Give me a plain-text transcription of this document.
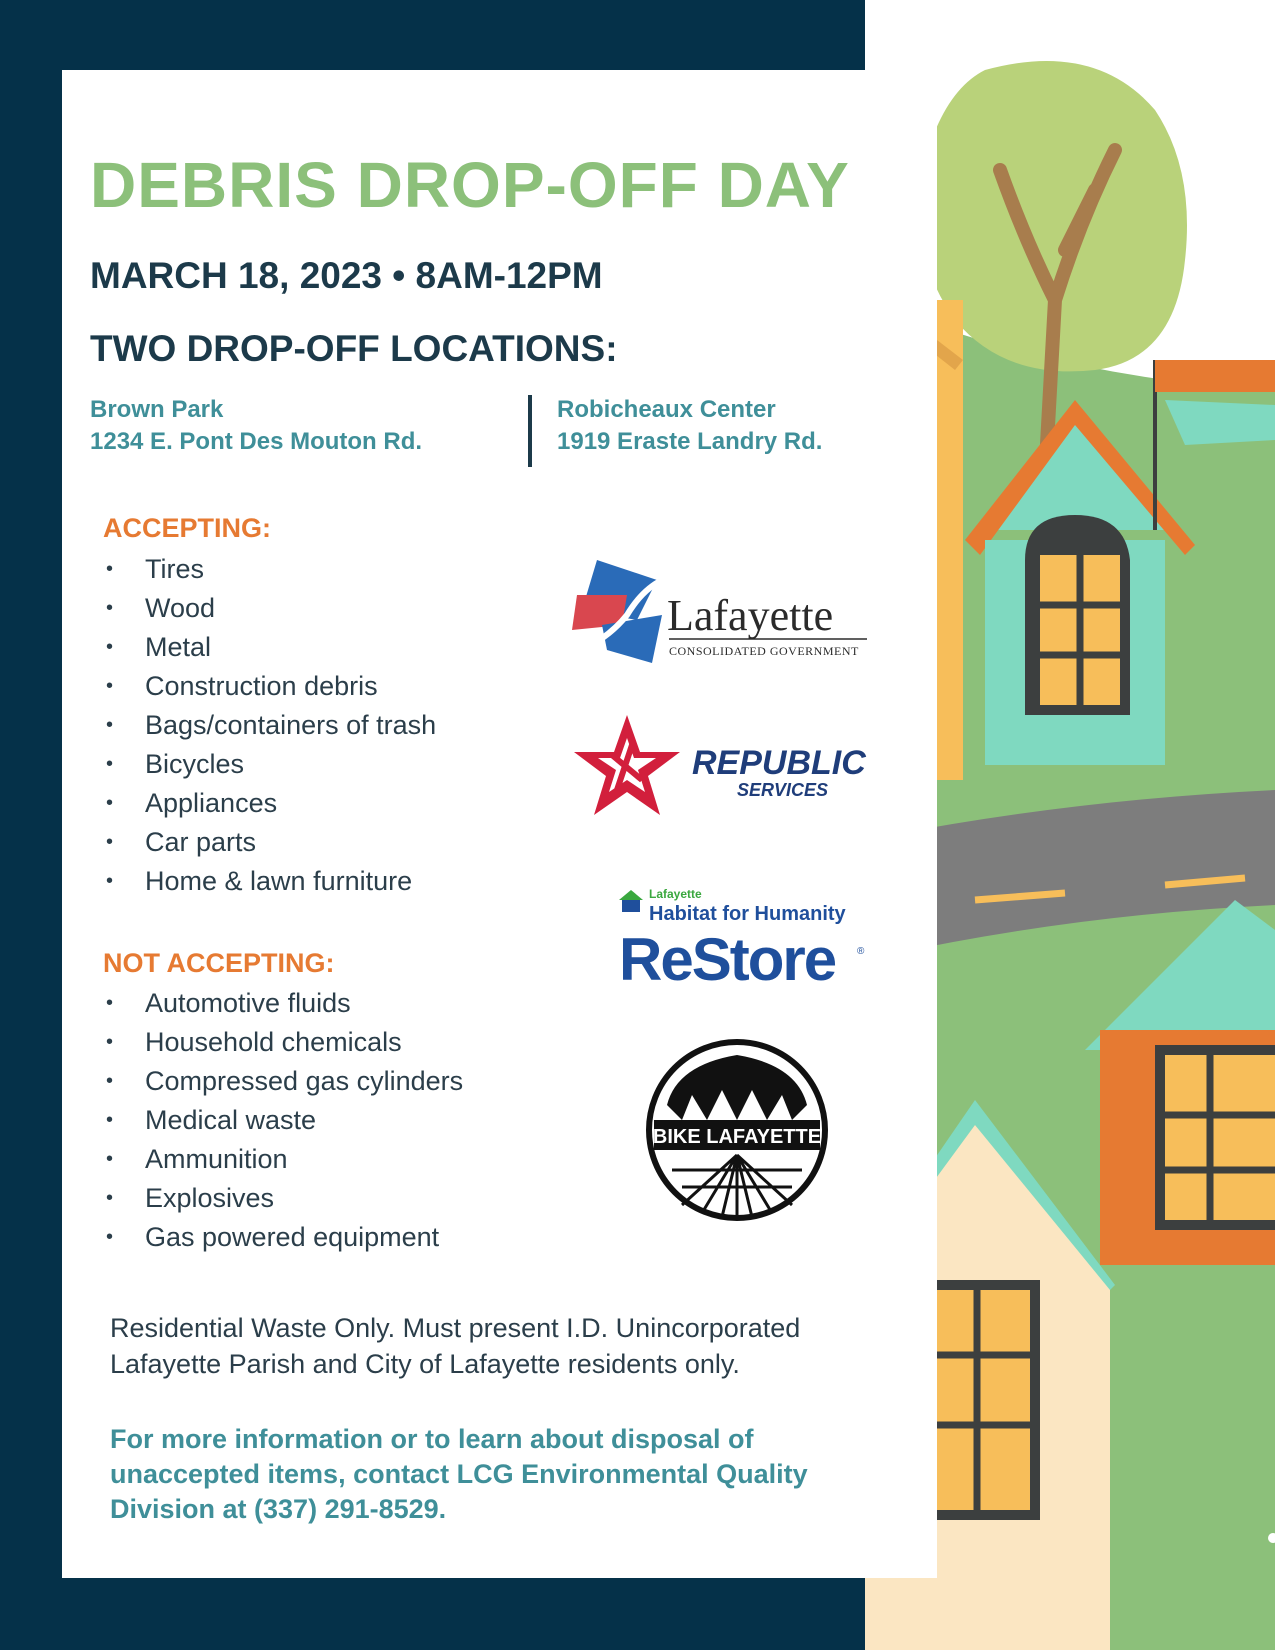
DEBRIS DROP-OFF DAY
MARCH 18, 2023 • 8AM-12PM
TWO DROP-OFF LOCATIONS:
Brown Park
1234 E. Pont Des Mouton Rd.
Robicheaux Center
1919 Eraste Landry Rd.
ACCEPTING:
•	Tires
•	Wood
•	Metal
•	Construction debris
•	Bags/containers of trash
•	Bicycles
•	Appliances
•	Car parts
•	Home & lawn furniture
NOT ACCEPTING:
•	Automotive fluids
•	Household chemicals
•	Compressed gas cylinders
•	Medical waste
•	Ammunition
•	Explosives
•	Gas powered equipment
Lafayette
CONSOLIDATED GOVERNMENT
REPUBLIC
SERVICES
Lafayette
Habitat for Humanity
ReStore ®
BIKE LAFAYETTE
Residential Waste Only. Must present I.D. Unincorporated Lafayette Parish and City of Lafayette residents only.
For more information or to learn about disposal of unaccepted items, contact LCG Environmental Quality Division at (337) 291-8529.
